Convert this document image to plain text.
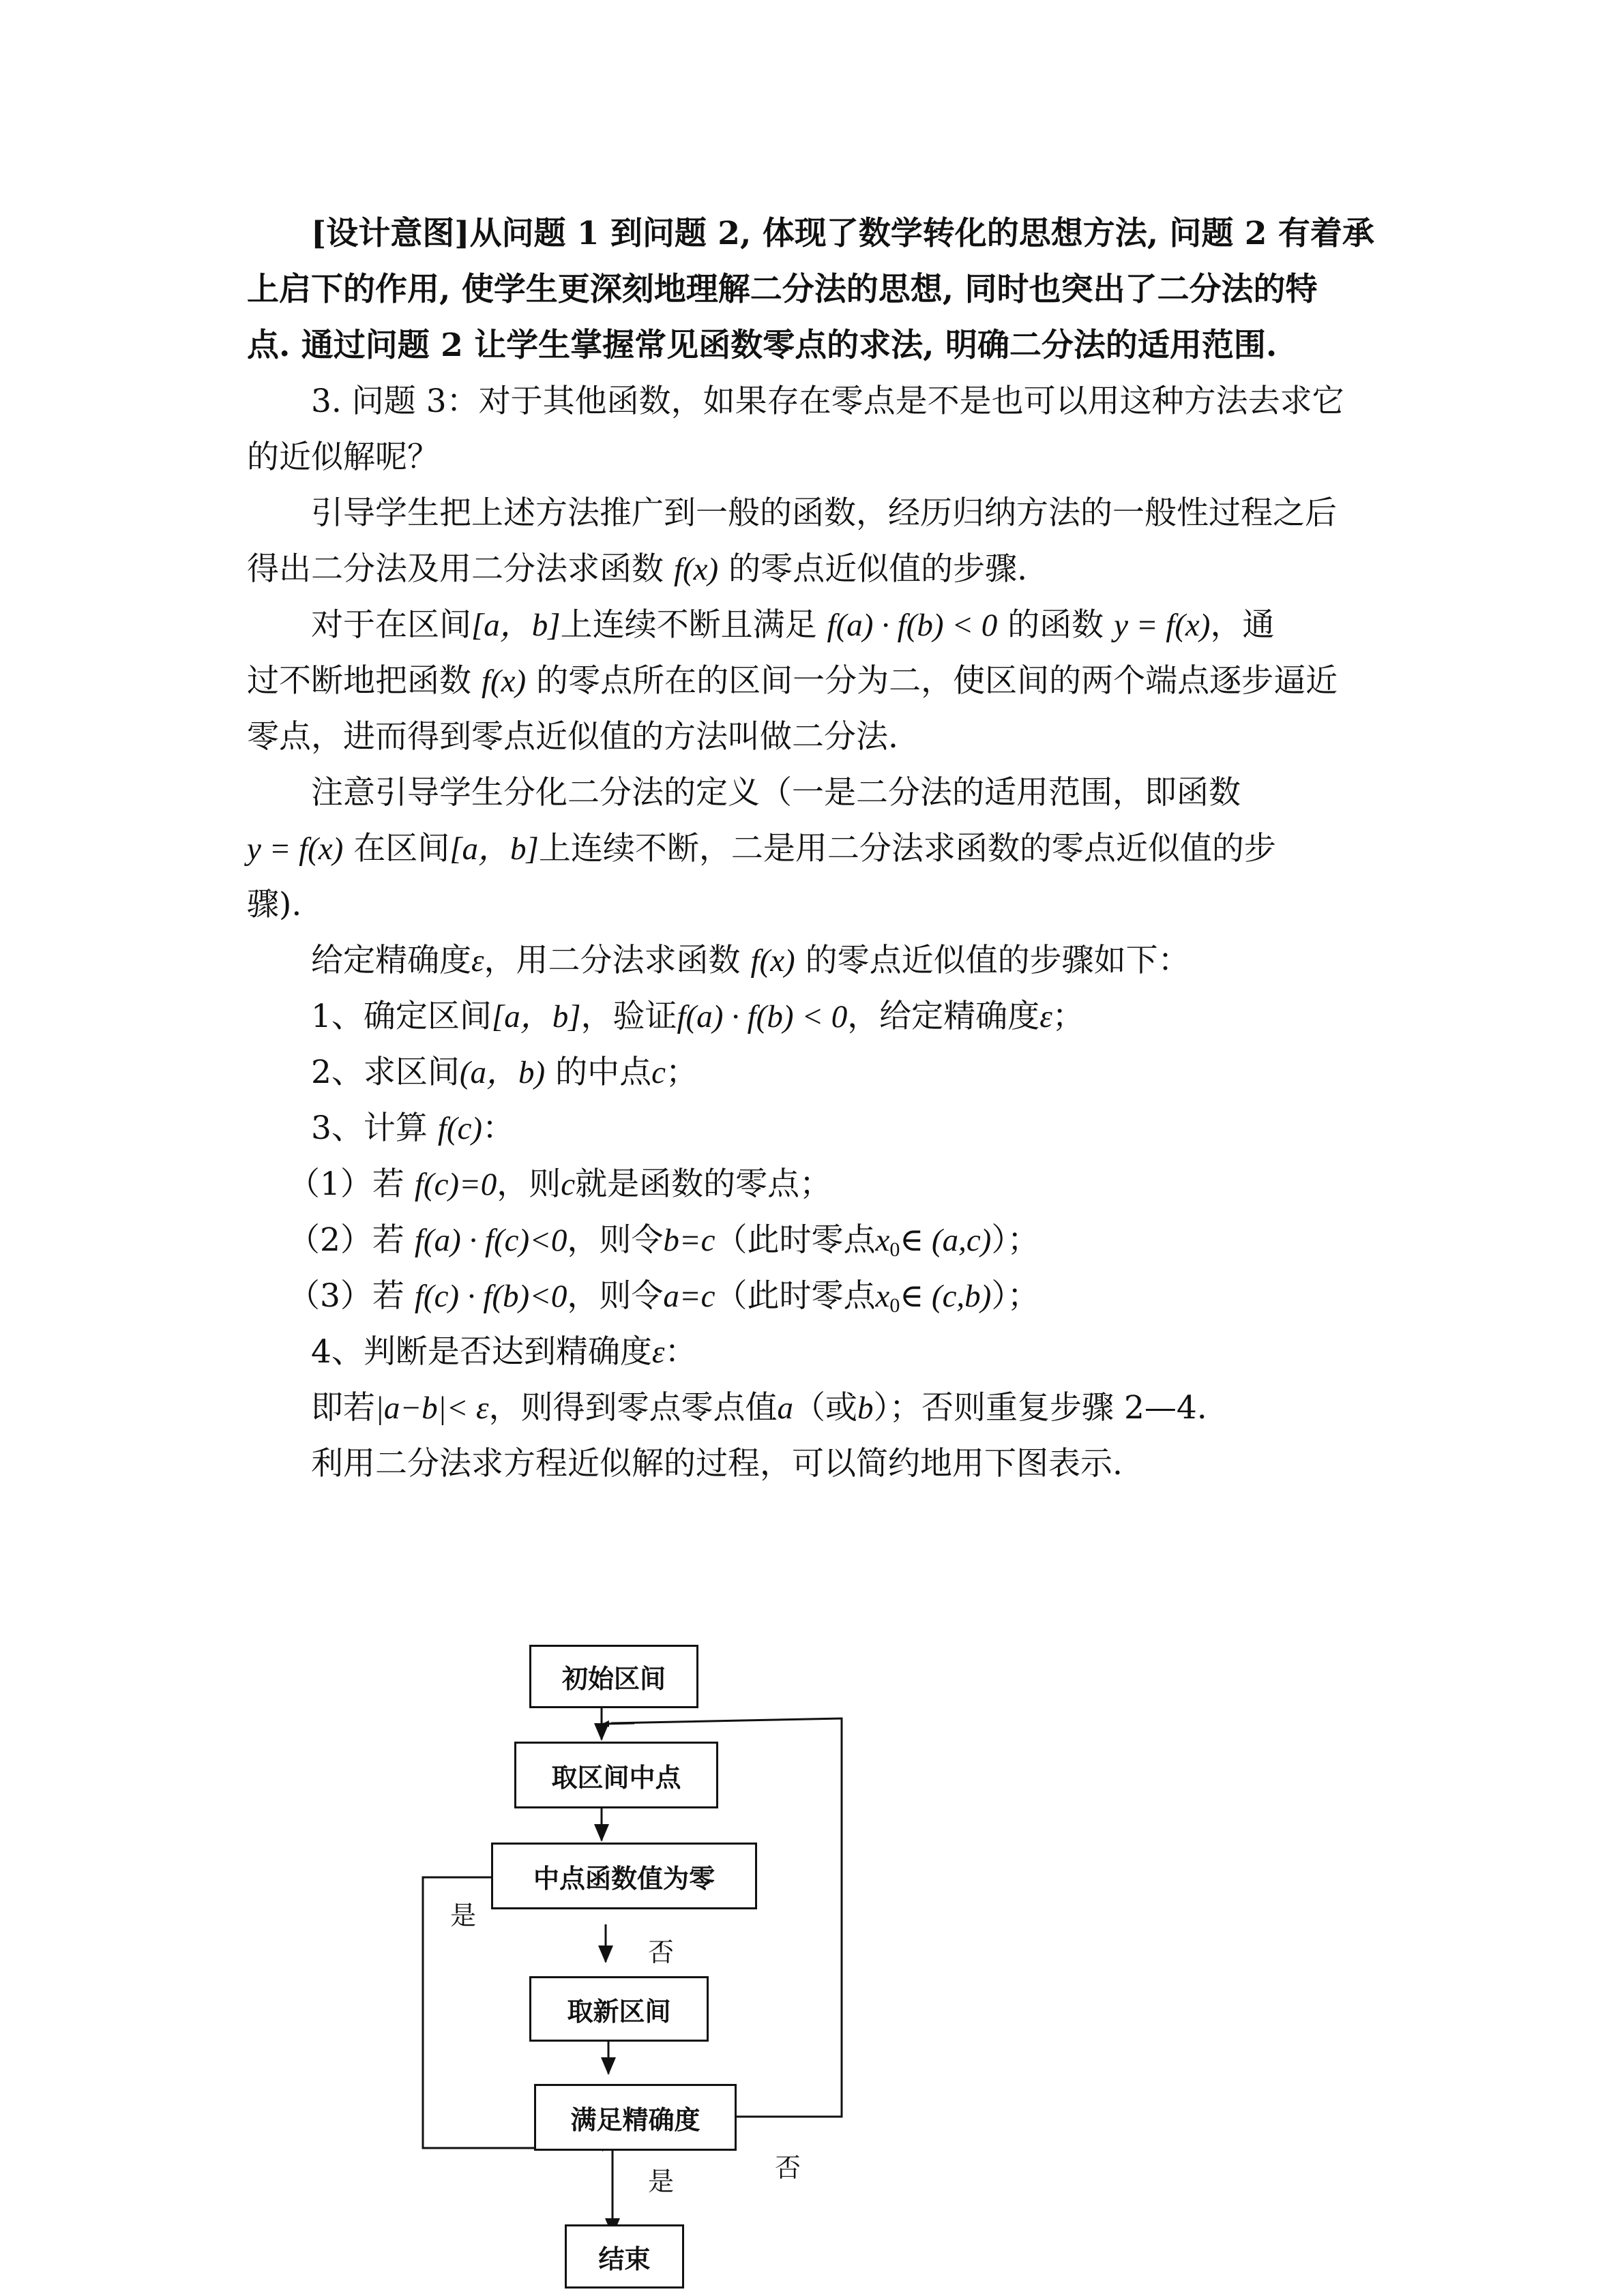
[设计意图]从问题 1 到问题 2, 体现了数学转化的思想方法, 问题 2 有着承
上启下的作用, 使学生更深刻地理解二分法的思想, 同时也突出了二分法的特
点. 通过问题 2 让学生掌握常见函数零点的求法, 明确二分法的适用范围.
3. 问题 3：对于其他函数，如果存在零点是不是也可以用这种方法去求它
的近似解呢？
引导学生把上述方法推广到一般的函数，经历归纳方法的一般性过程之后
得出二分法及用二分法求函数 f(x) 的零点近似值的步骤.
对于在区间[a，b]上连续不断且满足 f(a) · f(b) < 0 的函数 y = f(x)，通
过不断地把函数 f(x) 的零点所在的区间一分为二，使区间的两个端点逐步逼近
零点，进而得到零点近似值的方法叫做二分法.
注意引导学生分化二分法的定义（一是二分法的适用范围，即函数
y = f(x) 在区间[a，b]上连续不断，二是用二分法求函数的零点近似值的步
骤).
给定精确度ε，用二分法求函数 f(x) 的零点近似值的步骤如下：
1、确定区间[a，b]，验证f(a) · f(b) < 0，给定精确度ε；
2、求区间(a，b) 的中点c；
3、计算 f(c)：
（1）若 f(c)=0，则c就是函数的零点；
（2）若 f(a) · f(c)<0，则令b=c（此时零点$x_0\in$ (a,c)）；
（3）若 f(c) · f(b)<0，则令a=c（此时零点$x_0\in$ (c,b)）；
4、判断是否达到精确度ε：
即若|a−b|< ε，则得到零点零点值a（或b）；否则重复步骤 2—4.
利用二分法求方程近似解的过程，可以简约地用下图表示.
初始区间
取区间中点
中点函数值为零
取新区间
满足精确度
结束
是
否
是	否
